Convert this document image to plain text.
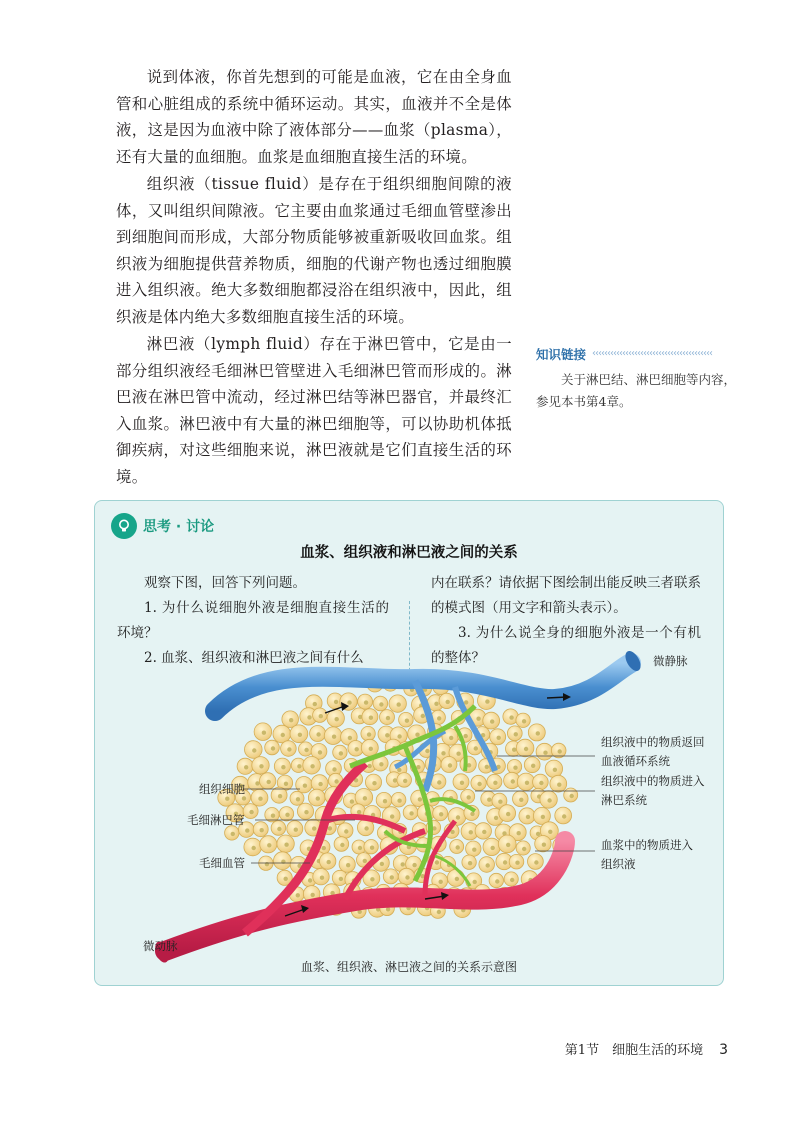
说到体液，你首先想到的可能是血液，它在由全身血管和心脏组成的系统中循环运动。其实，血液并不全是体液，这是因为血液中除了液体部分——血浆（plasma），还有大量的血细胞。血浆是血细胞直接生活的环境。

组织液（tissue fluid）是存在于组织细胞间隙的液体，又叫组织间隙液。它主要由血浆通过毛细血管壁渗出到细胞间而形成，大部分物质能够被重新吸收回血浆。组织液为细胞提供营养物质，细胞的代谢产物也透过细胞膜进入组织液。绝大多数细胞都浸浴在组织液中，因此，组织液是体内绝大多数细胞直接生活的环境。

淋巴液（lymph fluid）存在于淋巴管中，它是由一部分组织液经毛细淋巴管壁进入毛细淋巴管而形成的。淋巴液在淋巴管中流动，经过淋巴结等淋巴器官，并最终汇入血浆。淋巴液中有大量的淋巴细胞等，可以协助机体抵御疾病，对这些细胞来说，淋巴液就是它们直接生活的环境。

知识链接 ‹‹‹‹‹‹‹‹‹‹‹‹‹‹‹‹‹‹‹‹‹‹‹‹‹‹‹‹‹‹‹‹‹‹‹‹‹‹‹‹

关于淋巴结、淋巴细胞等内容，参见本书第4章。

思考 · 讨论
血浆、组织液和淋巴液之间的关系

观察下图，回答下列问题。

1. 为什么说细胞外液是细胞直接生活的环境？

2. 血浆、组织液和淋巴液之间有什么

内在联系？请依据下图绘制出能反映三者联系的模式图（用文字和箭头表示）。

3. 为什么说全身的细胞外液是一个有机的整体？	微静脉
微动脉
组织细胞
毛细淋巴管
毛细血管
组织液中的物质返回
血液循环系统
组织液中的物质进入
淋巴系统
血浆中的物质进入
组织液
血浆、组织液、淋巴液之间的关系示意图
第1节　细胞生活的环境 3
